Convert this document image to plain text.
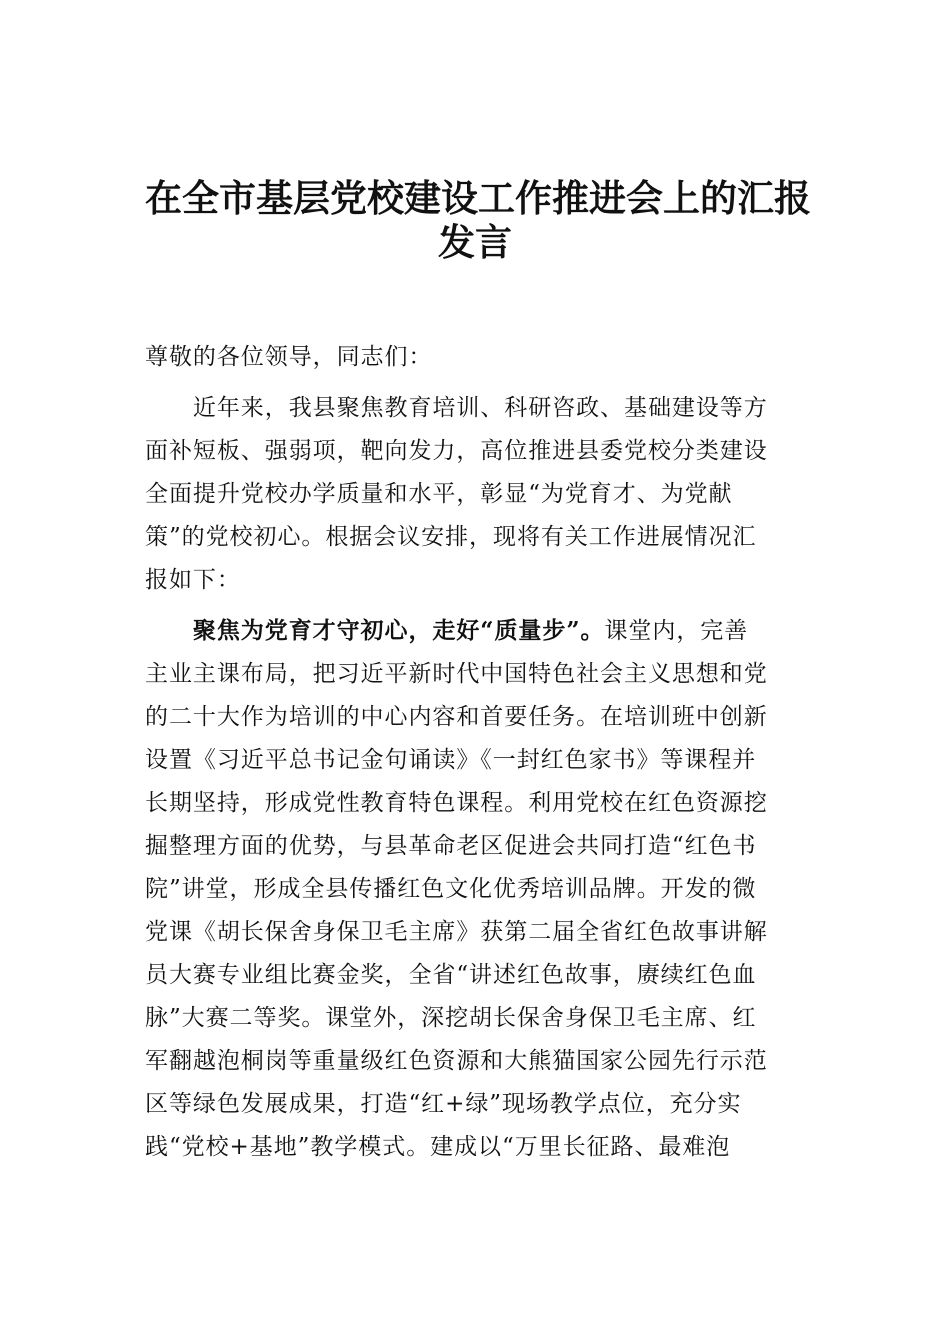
在全市基层党校建设工作推进会上的汇报
发言
尊敬的各位领导，同志们：
　　近年来，我县聚焦教育培训、科研咨政、基础建设等方
面补短板、强弱项，靶向发力，高位推进县委党校分类建设
全面提升党校办学质量和水平，彰显“为党育才、为党献
策”的党校初心。根据会议安排，现将有关工作进展情况汇
报如下：
　　聚焦为党育才守初心，走好“质量步”。课堂内，完善
主业主课布局，把习近平新时代中国特色社会主义思想和党
的二十大作为培训的中心内容和首要任务。在培训班中创新
设置《习近平总书记金句诵读》《一封红色家书》等课程并
长期坚持，形成党性教育特色课程。利用党校在红色资源挖
掘整理方面的优势，与县革命老区促进会共同打造“红色书
院”讲堂，形成全县传播红色文化优秀培训品牌。开发的微
党课《胡长保舍身保卫毛主席》获第二届全省红色故事讲解
员大赛专业组比赛金奖，全省“讲述红色故事，赓续红色血
脉”大赛二等奖。课堂外，深挖胡长保舍身保卫毛主席、红
军翻越泡桐岗等重量级红色资源和大熊猫国家公园先行示范
区等绿色发展成果，打造“红+绿”现场教学点位，充分实
践“党校+基地”教学模式。建成以“万里长征路、最难泡
